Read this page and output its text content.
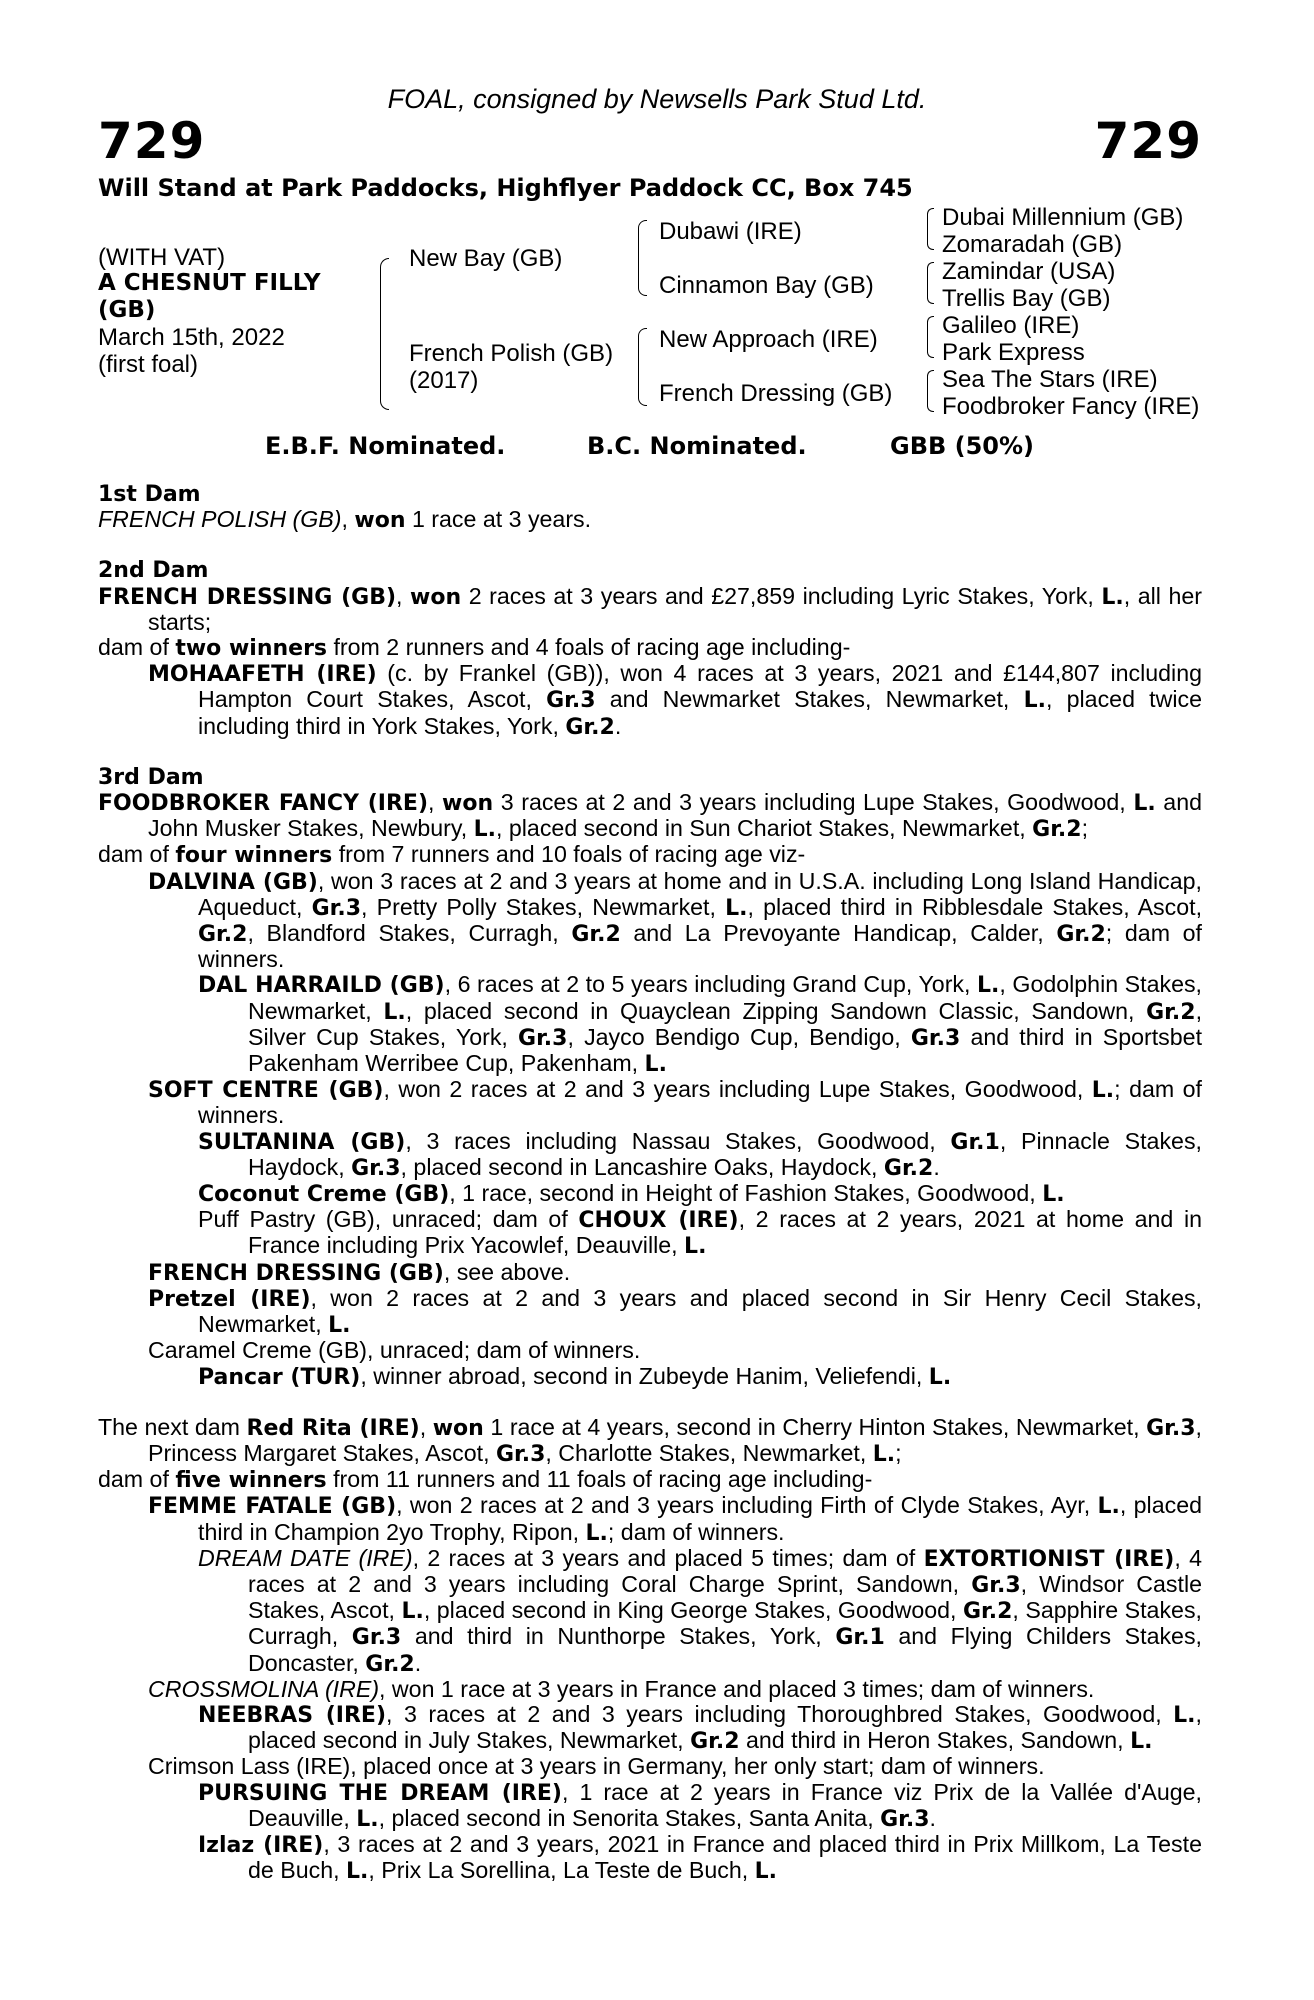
FOAL, consigned by Newsells Park Stud Ltd.
729	729
Will Stand at Park Paddocks, Highflyer Paddock CC, Box 745
(WITH VAT)
A CHESNUT FILLY
(GB)
March 15th, 2022
(first foal)
New Bay (GB)
French Polish (GB)
(2017)
Dubawi (IRE)
Cinnamon Bay (GB)
New Approach (IRE)
French Dressing (GB)
Dubai Millennium (GB)
Zomaradah (GB)
Zamindar (USA)
Trellis Bay (GB)
Galileo (IRE)
Park Express
Sea The Stars (IRE)
Foodbroker Fancy (IRE)
E.B.F. Nominated.	B.C. Nominated.	GBB (50%)

1st Dam

FRENCH POLISH (GB), won 1 race at 3 years.

2nd Dam

FRENCH DRESSING (GB), won 2 races at 3 years and £27,859 including Lyric Stakes, York, L., all her starts;

dam of two winners from 2 runners and 4 foals of racing age including-

MOHAAFETH (IRE) (c. by Frankel (GB)), won 4 races at 3 years, 2021 and £144,807 including Hampton Court Stakes, Ascot, Gr.3 and Newmarket Stakes, Newmarket, L., placed twice including third in York Stakes, York, Gr.2.

3rd Dam

FOODBROKER FANCY (IRE), won 3 races at 2 and 3 years including Lupe Stakes, Goodwood, L. and John Musker Stakes, Newbury, L., placed second in Sun Chariot Stakes, Newmarket, Gr.2;

dam of four winners from 7 runners and 10 foals of racing age viz-

DALVINA (GB), won 3 races at 2 and 3 years at home and in U.S.A. including Long Island Handicap, Aqueduct, Gr.3, Pretty Polly Stakes, Newmarket, L., placed third in Ribblesdale Stakes, Ascot, Gr.2, Blandford Stakes, Curragh, Gr.2 and La Prevoyante Handicap, Calder, Gr.2; dam of winners.

DAL HARRAILD (GB), 6 races at 2 to 5 years including Grand Cup, York, L., Godolphin Stakes, Newmarket, L., placed second in Quayclean Zipping Sandown Classic, Sandown, Gr.2, Silver Cup Stakes, York, Gr.3, Jayco Bendigo Cup, Bendigo, Gr.3 and third in Sportsbet Pakenham Werribee Cup, Pakenham, L.

SOFT CENTRE (GB), won 2 races at 2 and 3 years including Lupe Stakes, Goodwood, L.; dam of winners.

SULTANINA (GB), 3 races including Nassau Stakes, Goodwood, Gr.1, Pinnacle Stakes, Haydock, Gr.3, placed second in Lancashire Oaks, Haydock, Gr.2.

Coconut Creme (GB), 1 race, second in Height of Fashion Stakes, Goodwood, L.

Puff Pastry (GB), unraced; dam of CHOUX (IRE), 2 races at 2 years, 2021 at home and in France including Prix Yacowlef, Deauville, L.

FRENCH DRESSING (GB), see above.

Pretzel (IRE), won 2 races at 2 and 3 years and placed second in Sir Henry Cecil Stakes, Newmarket, L.

Caramel Creme (GB), unraced; dam of winners.

Pancar (TUR), winner abroad, second in Zubeyde Hanim, Veliefendi, L.

The next dam Red Rita (IRE), won 1 race at 4 years, second in Cherry Hinton Stakes, Newmarket, Gr.3, Princess Margaret Stakes, Ascot, Gr.3, Charlotte Stakes, Newmarket, L.;

dam of five winners from 11 runners and 11 foals of racing age including-

FEMME FATALE (GB), won 2 races at 2 and 3 years including Firth of Clyde Stakes, Ayr, L., placed third in Champion 2yo Trophy, Ripon, L.; dam of winners.

DREAM DATE (IRE), 2 races at 3 years and placed 5 times; dam of EXTORTIONIST (IRE), 4 races at 2 and 3 years including Coral Charge Sprint, Sandown, Gr.3, Windsor Castle Stakes, Ascot, L., placed second in King George Stakes, Goodwood, Gr.2, Sapphire Stakes, Curragh, Gr.3 and third in Nunthorpe Stakes, York, Gr.1 and Flying Childers Stakes, Doncaster, Gr.2.

CROSSMOLINA (IRE), won 1 race at 3 years in France and placed 3 times; dam of winners.

NEEBRAS (IRE), 3 races at 2 and 3 years including Thoroughbred Stakes, Goodwood, L., placed second in July Stakes, Newmarket, Gr.2 and third in Heron Stakes, Sandown, L.

Crimson Lass (IRE), placed once at 3 years in Germany, her only start; dam of winners.

PURSUING THE DREAM (IRE), 1 race at 2 years in France viz Prix de la Vallée d'Auge, Deauville, L., placed second in Senorita Stakes, Santa Anita, Gr.3.

Izlaz (IRE), 3 races at 2 and 3 years, 2021 in France and placed third in Prix Millkom, La Teste de Buch, L., Prix La Sorellina, La Teste de Buch, L.
